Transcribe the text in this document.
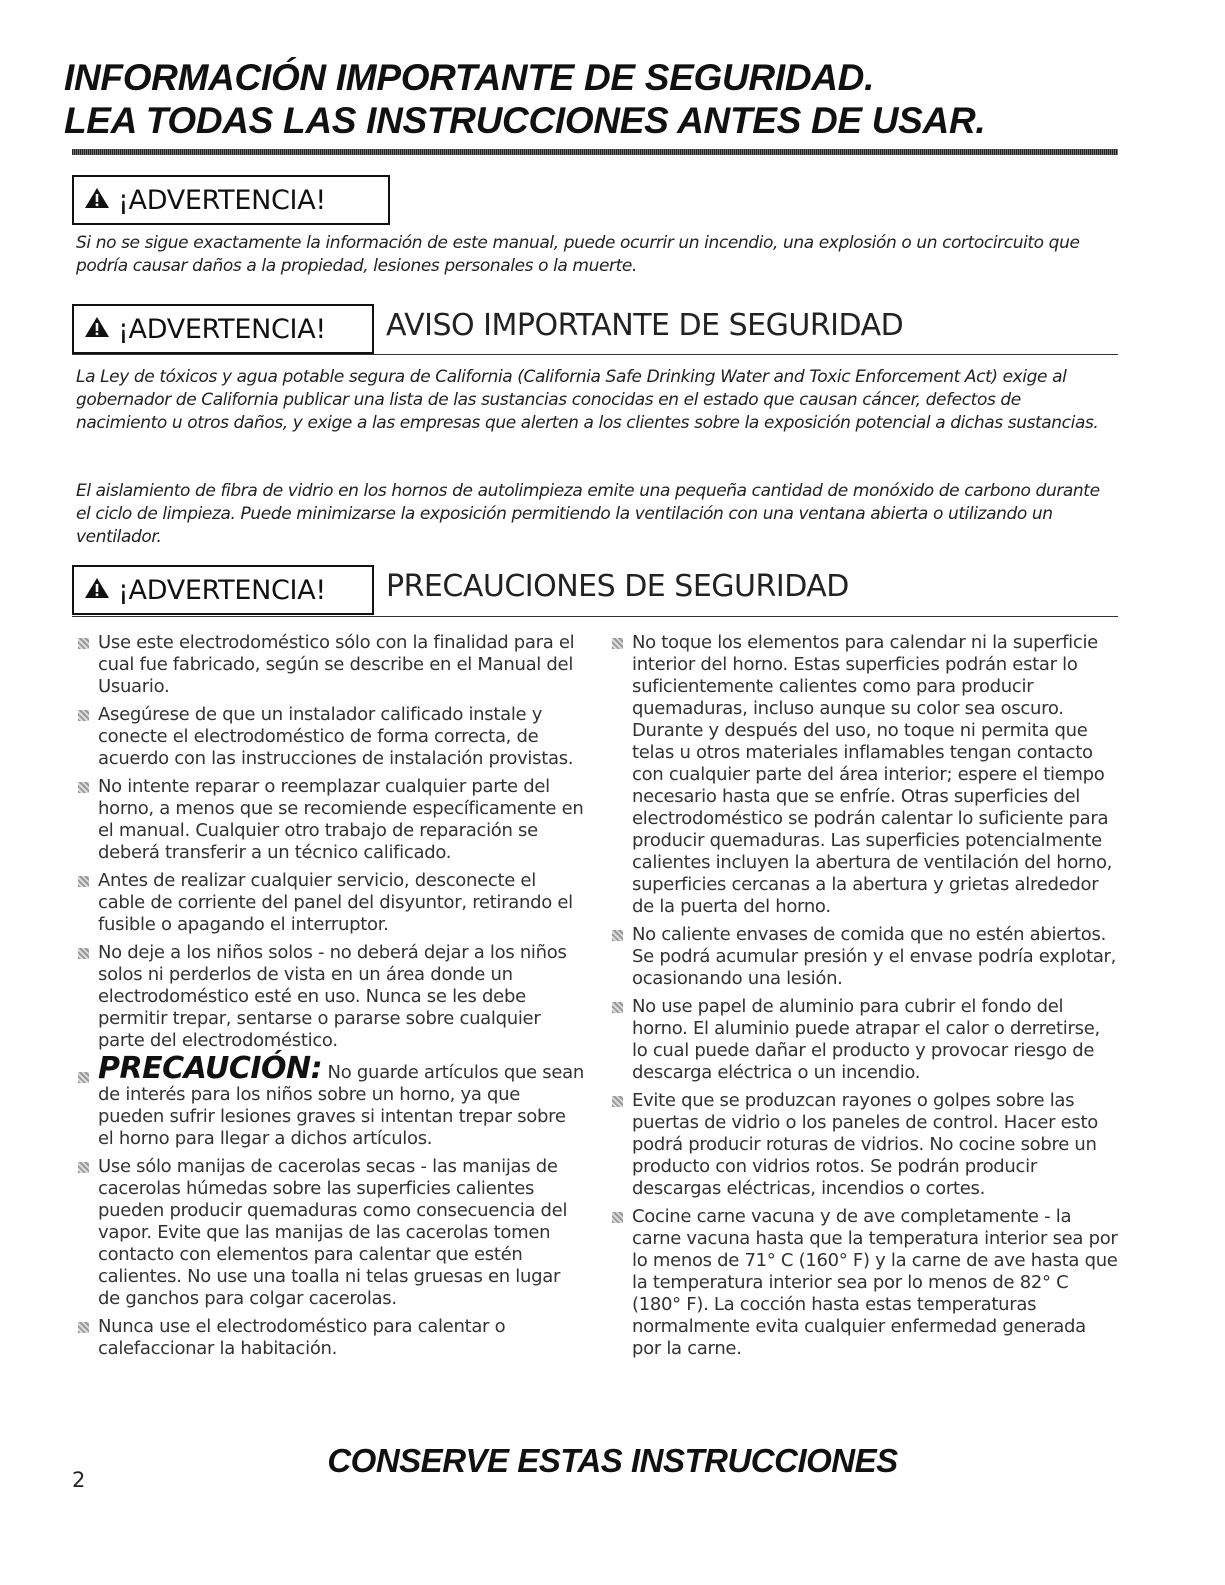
INFORMACIÓN IMPORTANTE DE SEGURIDAD.
LEA TODAS LAS INSTRUCCIONES ANTES DE USAR.
¡ADVERTENCIA!

Si no se sigue exactamente la información de este manual, puede ocurrir un incendio, una explosión o un cortocircuito que podría causar daños a la propiedad, lesiones personales o la muerte.

¡ADVERTENCIA! AVISO IMPORTANTE DE SEGURIDAD

La Ley de tóxicos y agua potable segura de California (California Safe Drinking Water and Toxic Enforcement Act) exige al gobernador de California publicar una lista de las sustancias conocidas en el estado que causan cáncer, defectos de nacimiento u otros daños, y exige a las empresas que alerten a los clientes sobre la exposición potencial a dichas sustancias.

El aislamiento de fibra de vidrio en los hornos de autolimpieza emite una pequeña cantidad de monóxido de carbono durante el ciclo de limpieza. Puede minimizarse la exposición permitiendo la ventilación con una ventana abierta o utilizando un ventilador.

¡ADVERTENCIA! PRECAUCIONES DE SEGURIDAD
Use este electrodoméstico sólo con la finalidad para el cual fue fabricado, según se describe en el Manual del Usuario.
Asegúrese de que un instalador calificado instale y conecte el electrodoméstico de forma correcta, de acuerdo con las instrucciones de instalación provistas.
No intente reparar o reemplazar cualquier parte del horno, a menos que se recomiende específicamente en el manual. Cualquier otro trabajo de reparación se deberá transferir a un técnico calificado.
Antes de realizar cualquier servicio, desconecte el cable de corriente del panel del disyuntor, retirando el fusible o apagando el interruptor.
No deje a los niños solos - no deberá dejar a los niños solos ni perderlos de vista en un área donde un electrodoméstico esté en uso. Nunca se les debe permitir trepar, sentarse o pararse sobre cualquier parte del electrodoméstico.
PRECAUCIÓN: No guarde artículos que sean de interés para los niños sobre un horno, ya que pueden sufrir lesiones graves si intentan trepar sobre el horno para llegar a dichos artículos.
Use sólo manijas de cacerolas secas - las manijas de cacerolas húmedas sobre las superficies calientes pueden producir quemaduras como consecuencia del vapor. Evite que las manijas de las cacerolas tomen contacto con elementos para calentar que estén calientes. No use una toalla ni telas gruesas en lugar de ganchos para colgar cacerolas.
Nunca use el electrodoméstico para calentar o calefaccionar la habitación.
No toque los elementos para calendar ni la superficie interior del horno. Estas superficies podrán estar lo suficientemente calientes como para producir quemaduras, incluso aunque su color sea oscuro. Durante y después del uso, no toque ni permita que telas u otros materiales inflamables tengan contacto con cualquier parte del área interior; espere el tiempo necesario hasta que se enfríe. Otras superficies del electrodoméstico se podrán calentar lo suficiente para producir quemaduras. Las superficies potencialmente calientes incluyen la abertura de ventilación del horno, superficies cercanas a la abertura y grietas alrededor de la puerta del horno.
No caliente envases de comida que no estén abiertos. Se podrá acumular presión y el envase podría explotar, ocasionando una lesión.
No use papel de aluminio para cubrir el fondo del horno. El aluminio puede atrapar el calor o derretirse, lo cual puede dañar el producto y provocar riesgo de descarga eléctrica o un incendio.
Evite que se produzcan rayones o golpes sobre las puertas de vidrio o los paneles de control. Hacer esto podrá producir roturas de vidrios. No cocine sobre un producto con vidrios rotos. Se podrán producir descargas eléctricas, incendios o cortes.
Cocine carne vacuna y de ave completamente - la carne vacuna hasta que la temperatura interior sea por lo menos de 71° C (160° F) y la carne de ave hasta que la temperatura interior sea por lo menos de 82° C (180° F). La cocción hasta estas temperaturas normalmente evita cualquier enfermedad generada por la carne.
2
CONSERVE ESTAS INSTRUCCIONES
